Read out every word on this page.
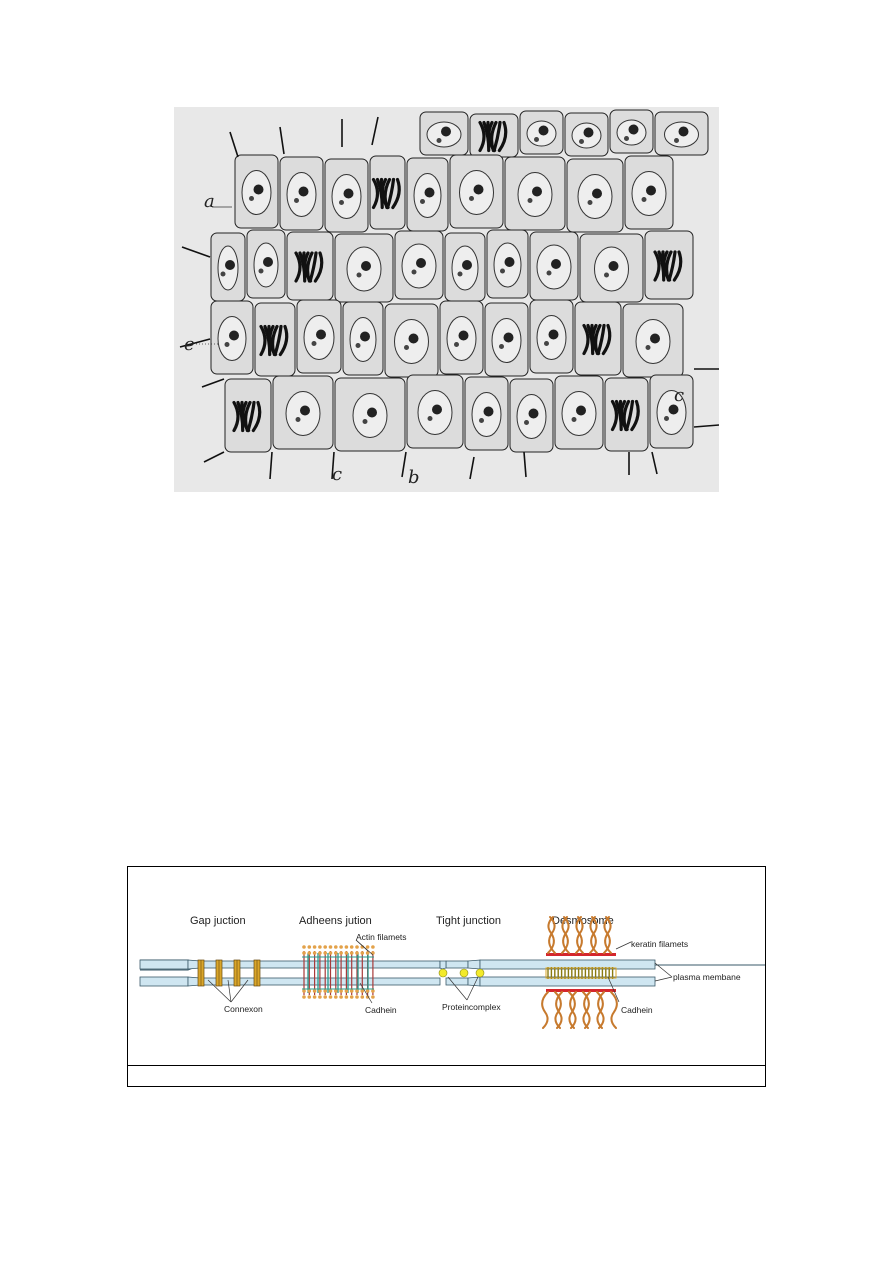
a
e
c	b
c
Gap juction	Adheens jution	Tight junction	Desmosome
Actin filamets
Connexon	Cadhein	Proteincomplex
keratin filamets
plasma membane
Cadhein
